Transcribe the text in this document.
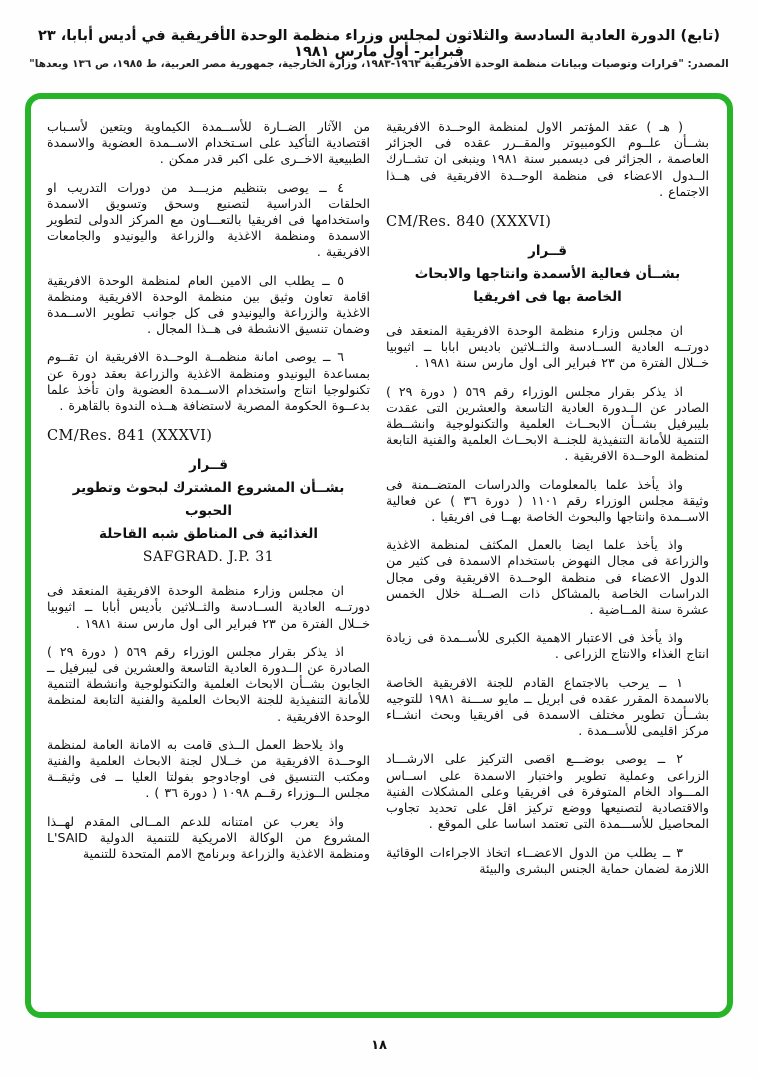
(تابع) الدورة العادية السادسة والثلاثون لمجلس وزراء منظمة الوحدة الأفريقية في أديس أبابا، ٢٣ فبراير- أول مارس ١٩٨١
المصدر: "قرارات وتوصيات وبيانات منظمة الوحدة الأفريقية ١٩٦٣-١٩٨٣، وزارة الخارجية، جمهورية مصر العربية، ط ١٩٨٥، ص ١٣٦ وبعدها"

( هـ ) عقد المؤتمر الاول لمنظمة الوحــدة الافريقية بشــأن علــوم الكومبيوتر والمقــرر عقده فى الجزائر العاصمة ، الجزائر فى ديسمبر سنة ١٩٨١ وينبغى ان تشــارك الــدول الاعضاء فى منظمة الوحــدة الافريقية فى هــذا الاجتماع .

CM/Res. 840 (XXXVI)
قــرار
بشــأن فعالية الأسمدة وانتاجها والابحاث
الخاصة بها فى افريقيا

ان مجلس وزارء منظمة الوحدة الافريقية المنعقد فى دورتــه العادية الســادسة والثــلاثين باديس ابابا ــ اثيوبيا خــلال الفترة من ٢٣ فبراير الى اول مارس سنة ١٩٨١ .

اذ يذكر بقرار مجلس الوزراء رقم ٥٦٩ ( دورة ٢٩ ) الصادر عن الــدورة العادية التاسعة والعشرين التى عقدت بليبرفيل بشــأن الابحــاث العلمية والتكنولوجية وانشــطة التنمية للأمانة التنفيذية للجنــة الابحــاث العلمية والفنية التابعة لمنظمة الوحــدة الافريقية .

واذ يأخذ علما بالمعلومات والدراسات المتضــمنة فى وثيقة مجلس الوزراء رقم ١١٠١ ( دورة ٣٦ ) عن فعالية الاســمدة وانتاجها والبحوث الخاصة بهــا فى افريقيا .

واذ يأخذ علما ايضا بالعمل المكثف لمنظمة الاغذية والزراعة فى مجال النهوض باستخدام الاسمدة فى كثير من الدول الاعضاء فى منظمة الوحــدة الافريقية وفى مجال الدراسات الخاصة بالمشاكل ذات الصــلة خلال الخمس عشرة سنة المــاضية .

واذ يأخذ فى الاعتبار الاهمية الكبرى للأســمدة فى زيادة انتاج الغذاء والانتاج الزراعى .

١ ــ يرحب بالاجتماع القادم للجنة الافريقية الخاصة بالاسمدة المقرر عقده فى ابريل ــ مايو ســـنة ١٩٨١ للتوجيه بشــأن تطوير مختلف الاسمدة فى افريقيا وبحث انشــاء مركز اقليمى للأســمدة .

٢ ــ يوصى بوضـــع اقصى التركيز على الارشـــاد الزراعى وعملية تطوير واختبار الاسمدة على اســاس المـــواد الخام المتوفرة فى افريقيا وعلى المشكلات الفنية والاقتصادية لتصنيعها ووضع تركيز اقل على تحديد تجاوب المحاصيل للأســـمدة التى تعتمد اساسا على الموقع .

٣ ــ يطلب من الدول الاعضــاء اتخاذ الاجراءات الوقائية اللازمة لضمان حماية الجنس البشرى والبيئة

من الآثار الضــارة للأســمدة الكيماوية ويتعين لأسـباب اقتصادية التأكيد على اسـتخدام الاســمدة العضوية والاسمدة الطبيعية الاخــرى على اكبر قدر ممكن .

٤ ــ يوصى بتنظيم مزيـــد من دورات التدريب او الحلقات الدراسية لتصنيع وسحق وتسويق الاسمدة واستخدامها فى افريقيا بالتعـــاون مع المركز الدولى لتطوير الاسمدة ومنظمة الاغذية والزراعة واليونيدو والجامعات الافريقية .

٥ ــ يطلب الى الامين العام لمنظمة الوحدة الافريقية اقامة تعاون وثيق بين منظمة الوحدة الافريقية ومنظمة الاغذية والزراعة واليونيدو فى كل جوانب تطوير الاســمدة وضمان تنسيق الانشطة فى هــذا المجال .

٦ ــ يوصى امانة منظمــة الوحــدة الافريقية ان تقــوم بمساعدة اليونيدو ومنظمة الاغذية والزراعة بعقد دورة عن تكنولوجيا انتاج واستخدام الاســمدة العضوية وان تأخذ علما بدعــوة الحكومة المصرية لاستضافة هــذه الندوة بالقاهرة .

CM/Res. 841 (XXXVI)
قــرار
بشــأن المشروع المشترك لبحوث وتطوير الحبوب
الغذائية فى المناطق شبه القاحلة
SAFGRAD. J.P. 31

ان مجلس وزارء منظمة الوحدة الافريقية المنعقد فى دورتــه العادية الســادسة والثــلاثين بأديس أبابا ــ اثيوبيا خــلال الفترة من ٢٣ فبراير الى اول مارس سنة ١٩٨١ .

اذ يذكر بقرار مجلس الوزراء رقم ٥٦٩ ( دورة ٢٩ ) الصادرة عن الــدورة العادية التاسعة والعشرين فى ليبرفيل ــ الجابون بشــأن الابحاث العلمية والتكنولوجية وانشطة التنمية للأمانة التنفيذية للجنة الابحاث العلمية والفنية التابعة لمنظمة الوحدة الافريقية .

واذ يلاحظ العمل الــذى قامت به الامانة العامة لمنظمة الوحــدة الافريقية من خــلال لجنة الابحاث العلمية والفنية ومكتب التنسيق فى اوجادوجو بفولتا العليا ــ فى وثيقــة مجلس الــوزراء رقــم ١٠٩٨ ( دورة ٣٦ ) .

واذ يعرب عن امتنانه للدعم المــالى المقدم لهــذا المشروع من الوكالة الامريكية للتنمية الدولية L'SAID ومنظمة الاغذية والزراعة وبرنامج الامم المتحدة للتنمية

١٨
